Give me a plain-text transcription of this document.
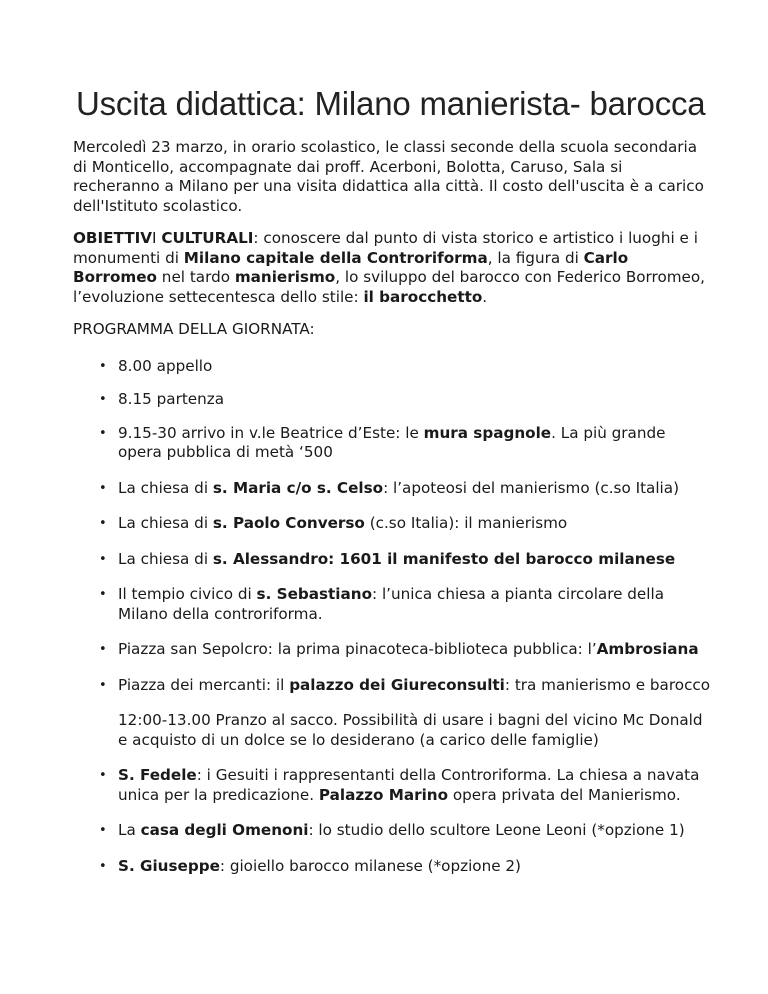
Uscita didattica: Milano manierista- barocca

Mercoledì 23 marzo, in orario scolastico, le classi seconde della scuola secondaria di Monticello, accompagnate dai proff. Acerboni, Bolotta, Caruso, Sala si recheranno a Milano per una visita didattica alla città. Il costo dell'uscita è a carico dell'Istituto scolastico.

OBIETTIVI CULTURALI: conoscere dal punto di vista storico e artistico i luoghi e i monumenti di Milano capitale della Controriforma, la figura di Carlo Borromeo nel tardo manierismo, lo sviluppo del barocco con Federico Borromeo, l’evoluzione settecentesca dello stile: il barocchetto.

PROGRAMMA DELLA GIORNATA:

• 8.00 appello
• 8.15 partenza
• 9.15-30 arrivo in v.le Beatrice d’Este: le mura spagnole. La più grande opera pubblica di metà ‘500
• La chiesa di s. Maria c/o s. Celso: l’apoteosi del manierismo (c.so Italia)
• La chiesa di s. Paolo Converso (c.so Italia): il manierismo
• La chiesa di s. Alessandro: 1601 il manifesto del barocco milanese
• Il tempio civico di s. Sebastiano: l’unica chiesa a pianta circolare della Milano della controriforma.
• Piazza san Sepolcro: la prima pinacoteca-biblioteca pubblica: l’Ambrosiana
• Piazza dei mercanti: il palazzo dei Giureconsulti: tra manierismo e barocco

12:00-13.00 Pranzo al sacco. Possibilità di usare i bagni del vicino Mc Donald e acquisto di un dolce se lo desiderano (a carico delle famiglie)

• S. Fedele: i Gesuiti i rappresentanti della Controriforma. La chiesa a navata unica per la predicazione. Palazzo Marino opera privata del Manierismo.
• La casa degli Omenoni: lo studio dello scultore Leone Leoni (*opzione 1)
• S. Giuseppe: gioiello barocco milanese (*opzione 2)
